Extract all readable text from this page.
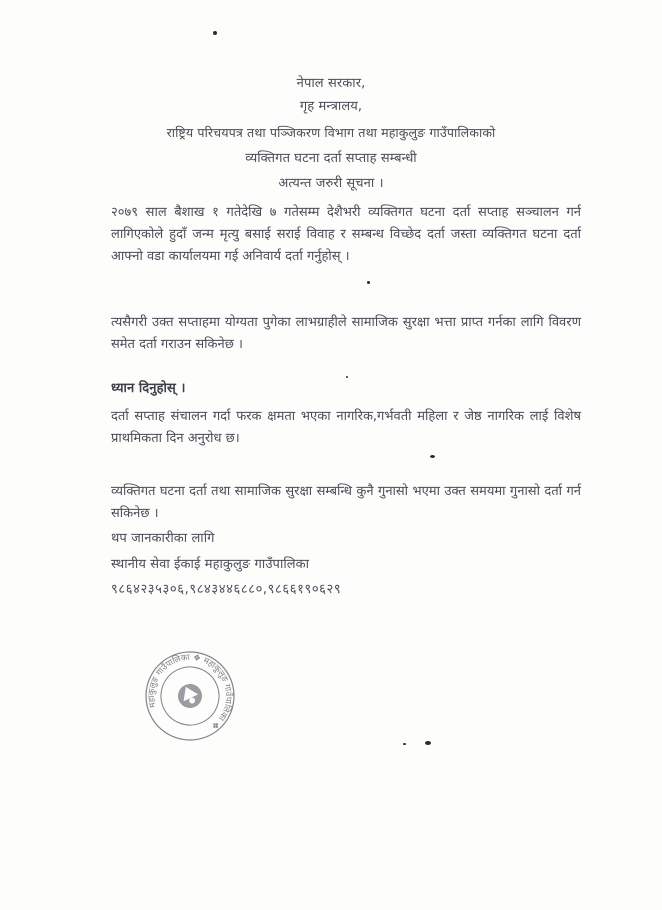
नेपाल सरकार,
गृह मन्त्रालय,
राष्ट्रिय परिचयपत्र तथा पञ्जिकरण विभाग तथा महाकुलुङ गाउँपालिकाको
व्यक्तिगत घटना दर्ता सप्ताह सम्बन्धी
अत्यन्त जरुरी सूचना ।
२०७९ साल बैशाख १ गतेदेखि ७ गतेसम्म देशैभरी व्यक्तिगत घटना दर्ता सप्ताह सञ्चालन गर्न लागिएकोले हुदाँ जन्म मृत्यु बसाई सराई विवाह र सम्बन्ध विच्छेद दर्ता जस्ता व्यक्तिगत घटना दर्ता आफ्नो वडा कार्यालयमा गई अनिवार्य दर्ता गर्नुहोस् ।
त्यसैगरी उक्त सप्ताहमा योग्यता पुगेका लाभग्राहीले सामाजिक सुरक्षा भत्ता प्राप्त गर्नका लागि विवरण समेत दर्ता गराउन सकिनेछ ।
ध्यान दिनुहोस् ।
दर्ता सप्ताह संचालन गर्दा फरक क्षमता भएका नागरिक,गर्भवती महिला र जेष्ठ नागरिक लाई विशेष प्राथमिकता दिन अनुरोध छ।
व्यक्तिगत घटना दर्ता तथा सामाजिक सुरक्षा सम्बन्धि कुनै गुनासो भएमा उक्त समयमा गुनासो दर्ता गर्न सकिनेछ ।
थप जानकारीका लागि
स्थानीय सेवा ईकाई महाकुलुङ गाउँपालिका
९८६४२३५३०६,९८४३४४६८८०,९८६६१९०६२९
महाकुलुङ गाउँपालिका ❖ महाकुलुङ गाउँपालिका ❖
